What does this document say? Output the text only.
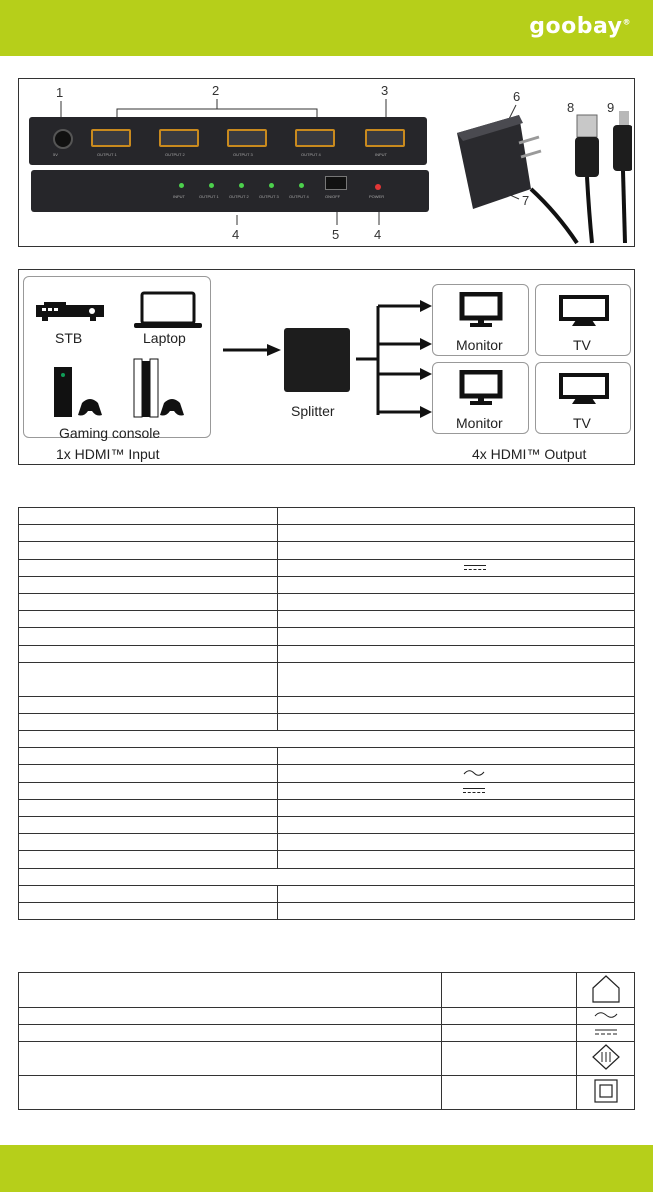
goobay®
1	2	3
4	5	4
6
7
8	9
5V	OUTPUT 1	OUTPUT 2	OUTPUT 3	OUTPUT 4	INPUT
INPUT	OUTPUT 1	OUTPUT 2	OUTPUT 3	OUTPUT 4	ON/OFF	POWER
STB	Laptop
Gaming console
Splitter
Monitor	TV
Monitor	TV
1x HDMI™ Input	4x HDMI™ Output
